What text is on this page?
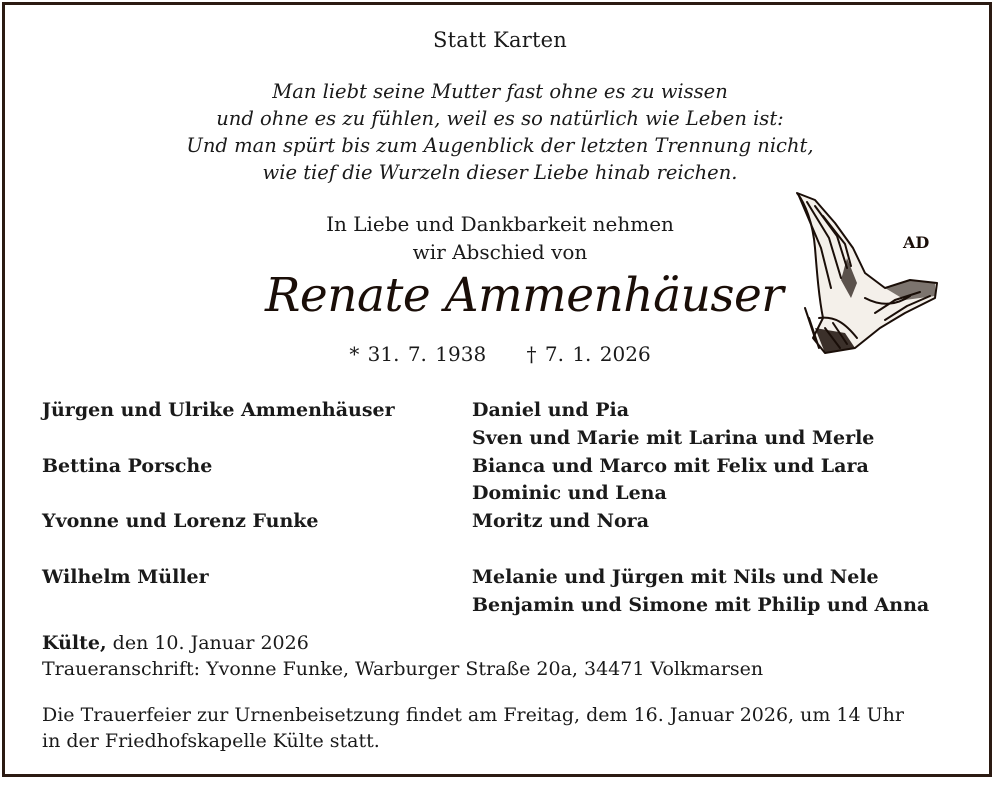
Statt Karten
Man liebt seine Mutter fast ohne es zu wissen
und ohne es zu fühlen, weil es so natürlich wie Leben ist:
Und man spürt bis zum Augenblick der letzten Trennung nicht,
wie tief die Wurzeln dieser Liebe hinab reichen.
In Liebe und Dankbarkeit nehmen
wir Abschied von
Renate Ammenhäuser
* 31. 7. 1938 † 7. 1. 2026
AD
Jürgen und Ulrike Ammenhäuser
Bettina Porsche
Yvonne und Lorenz Funke
Wilhelm Müller
Daniel und Pia
Sven und Marie mit Larina und Merle
Bianca und Marco mit Felix und Lara
Dominic und Lena
Moritz und Nora
Melanie und Jürgen mit Nils und Nele
Benjamin und Simone mit Philip und Anna
Külte, den 10. Januar 2026
Traueranschrift: Yvonne Funke, Warburger Straße 20a, 34471 Volkmarsen
Die Trauerfeier zur Urnenbeisetzung findet am Freitag, dem 16. Januar 2026, um 14 Uhr
in der Friedhofskapelle Külte statt.
